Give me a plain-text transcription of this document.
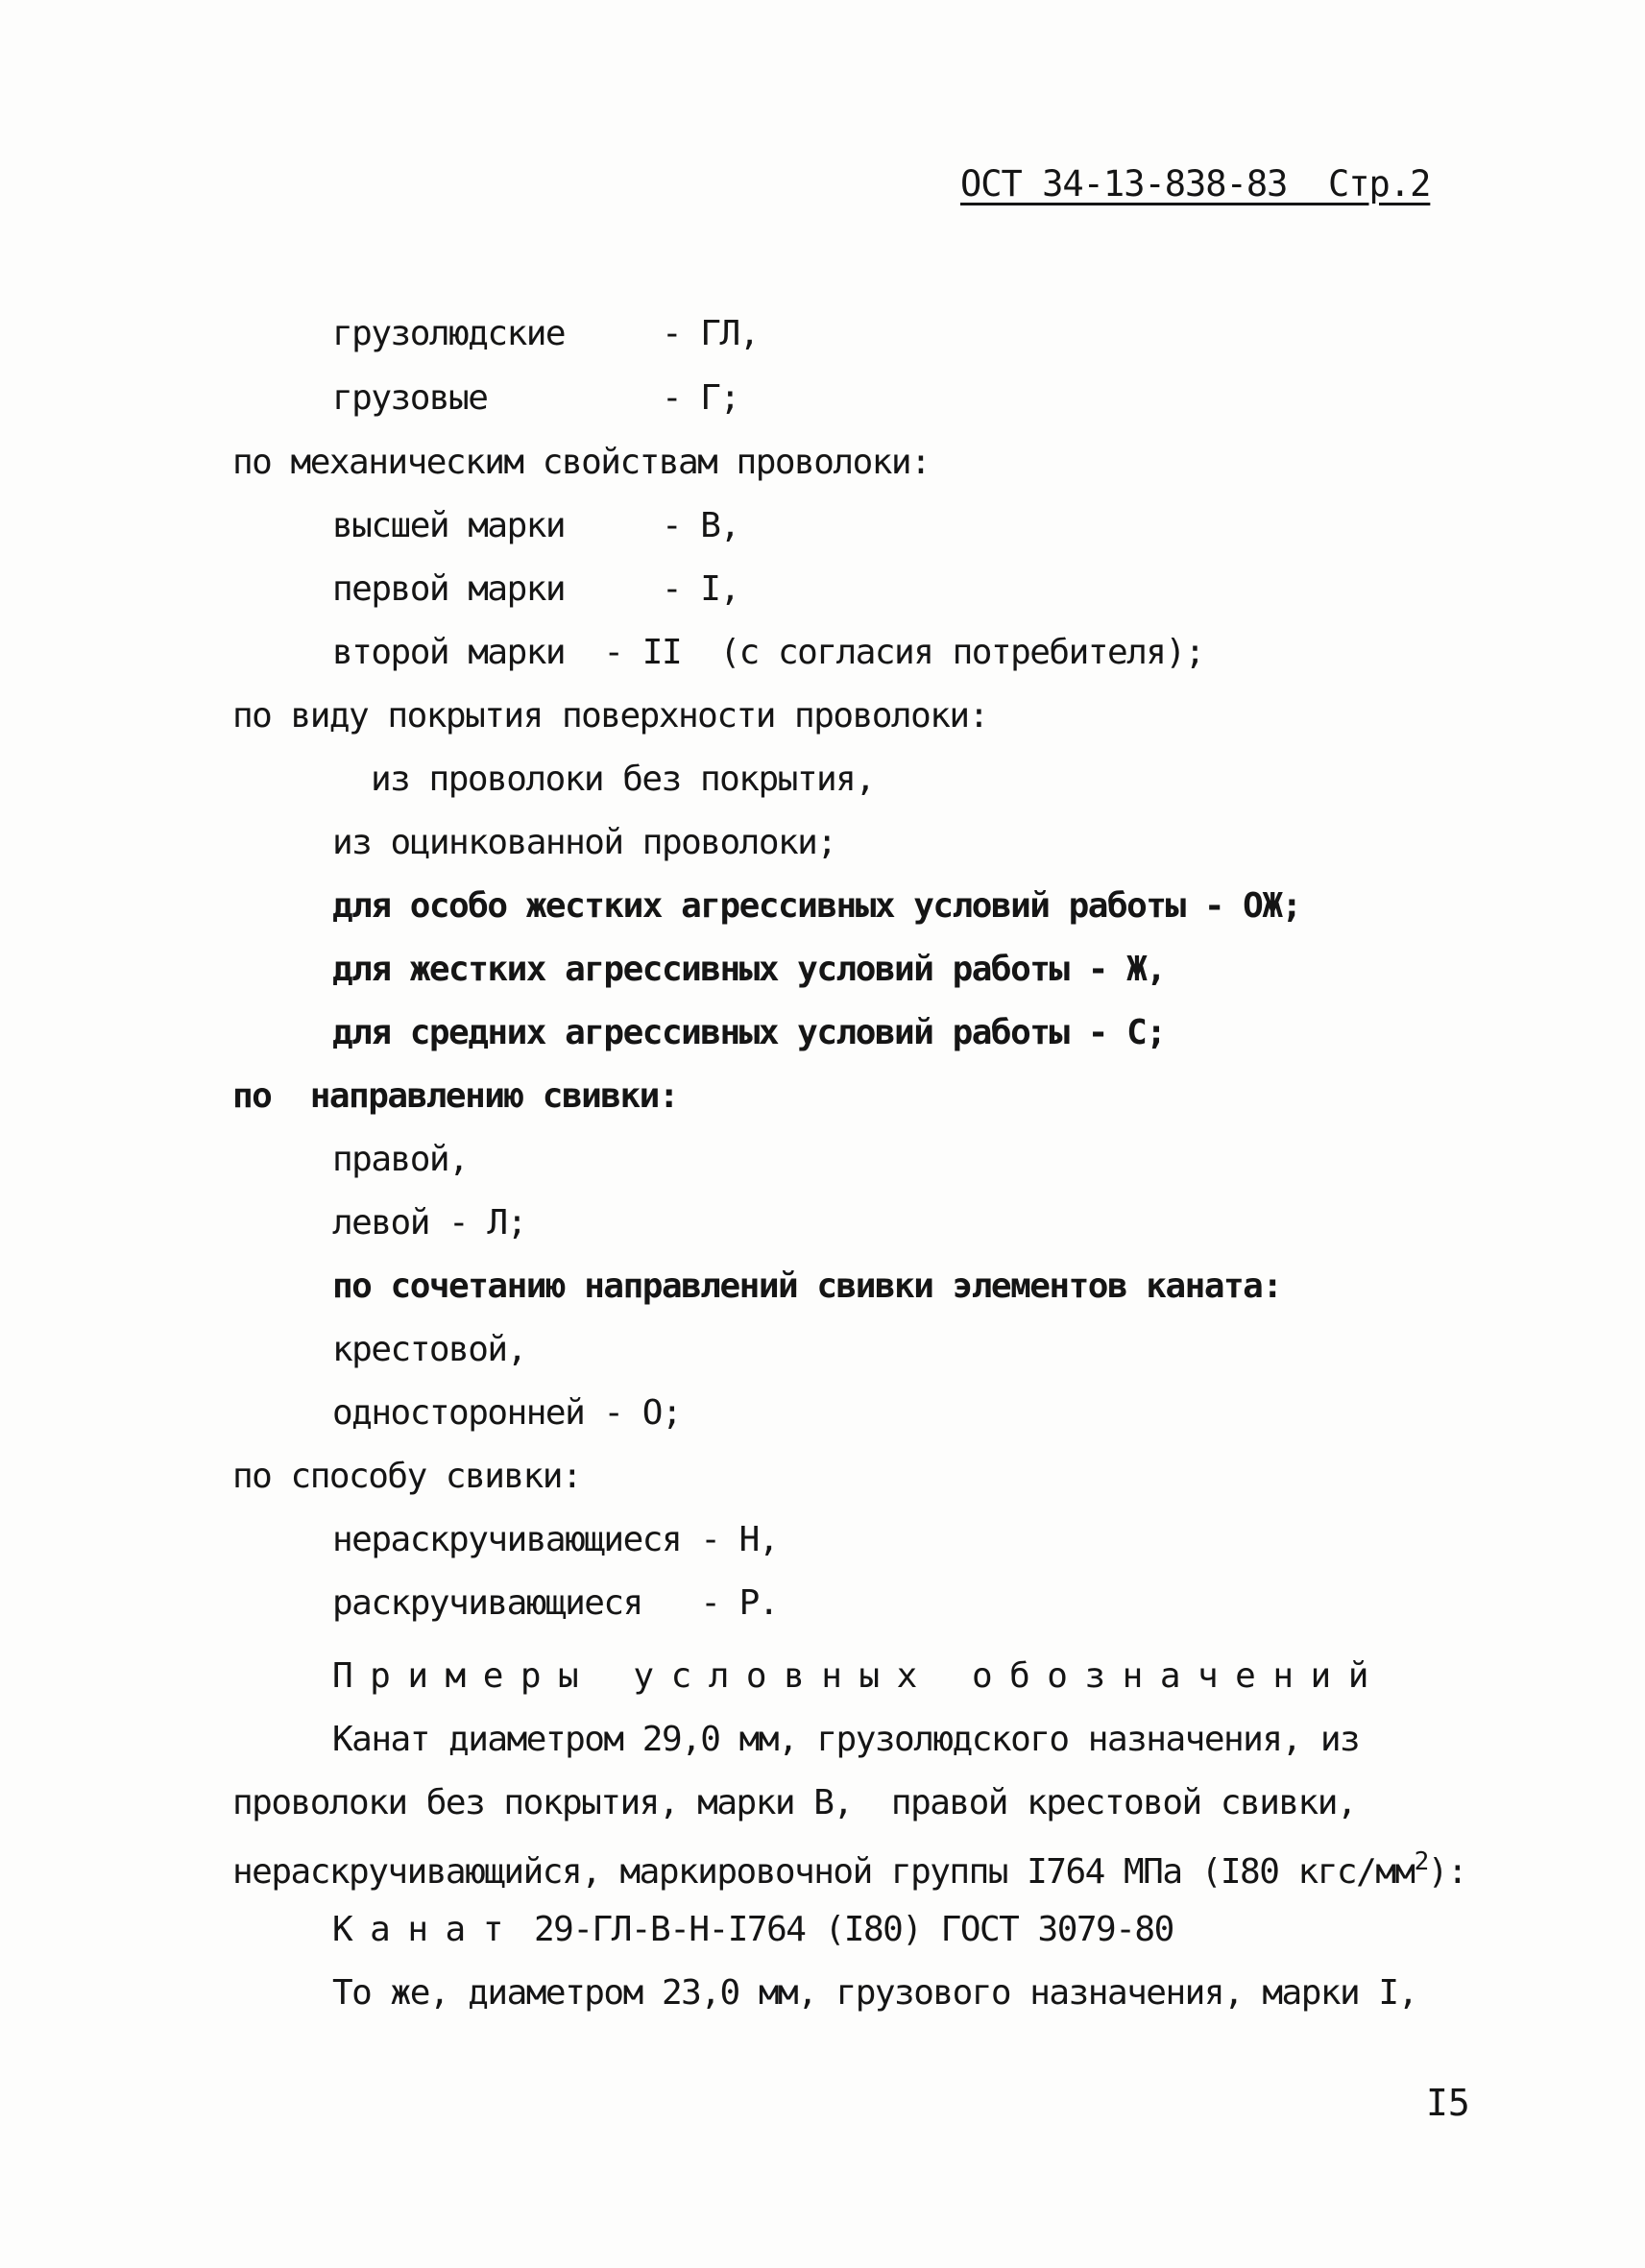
ОСТ 34-13-838-83  Стр.2
грузолюдские     - ГЛ,
грузовые         - Г;
по механическим свойствам проволоки:
высшей марки     - В,
первой марки     - I,
второй марки  - II  (с согласия потребителя);
по виду покрытия поверхности проволоки:
из проволоки без покрытия,
из оцинкованной проволоки;
для особо жестких агрессивных условий работы - ОЖ;
для жестких агрессивных условий работы - Ж,
для средних агрессивных условий работы - С;
по  направлению свивки:
правой,
левой - Л;
по сочетанию направлений свивки элементов каната:
крестовой,
односторонней - О;
по способу свивки:
нераскручивающиеся - Н,
раскручивающиеся   - Р.
Примеры условных обозначений
Канат диаметром 29,0 мм, грузолюдского назначения, из
проволоки без покрытия, марки В,  правой крестовой свивки,
нераскручивающийся, маркировочной группы I764 МПа (I80 кгс/$мм^2$):
Канат 29-ГЛ-В-Н-I764 (I80) ГОСТ 3079-80
То же, диаметром 23,0 мм, грузового назначения, марки I,
I5
